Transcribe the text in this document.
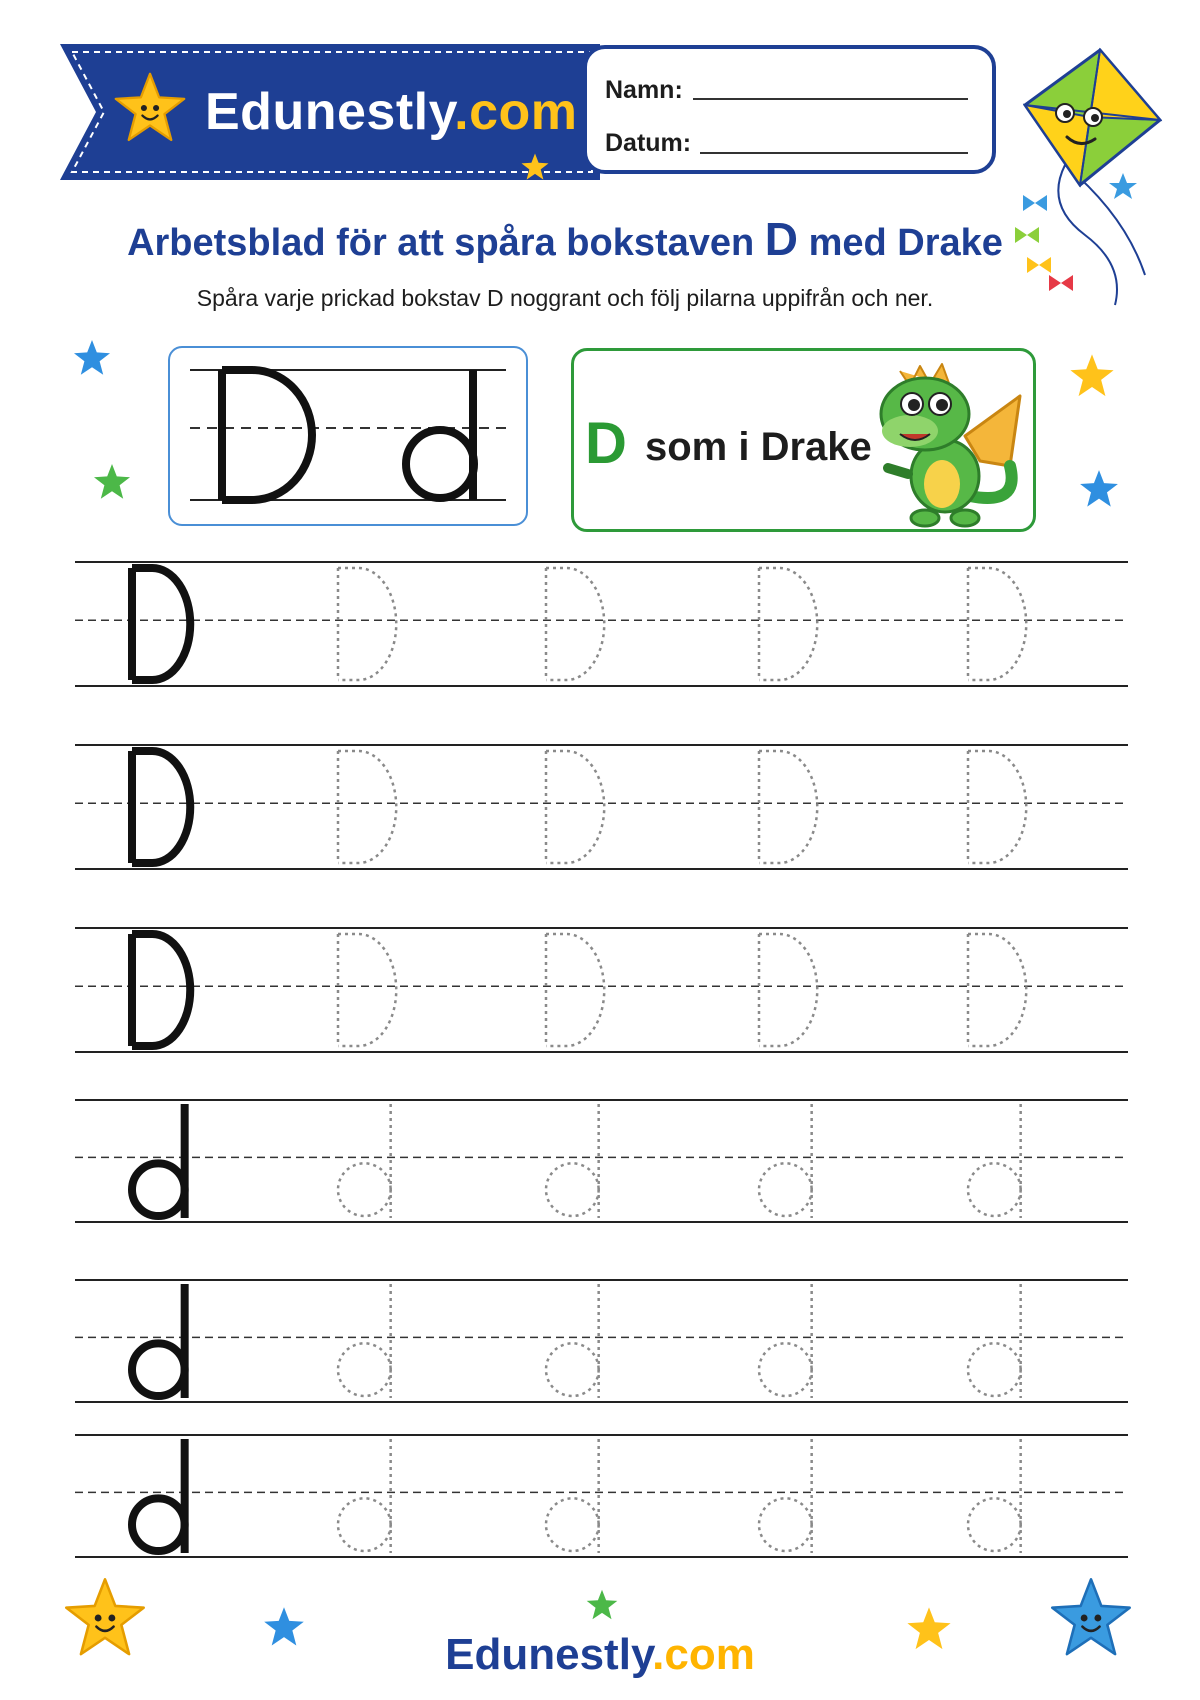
Edunestly.com Namn:
Datum:
Arbetsblad för att spåra bokstaven D med Drake
Spåra varje prickad bokstav D noggrant och följ pilarna uppifrån och ner.
D som i Drake
Edunestly.com
